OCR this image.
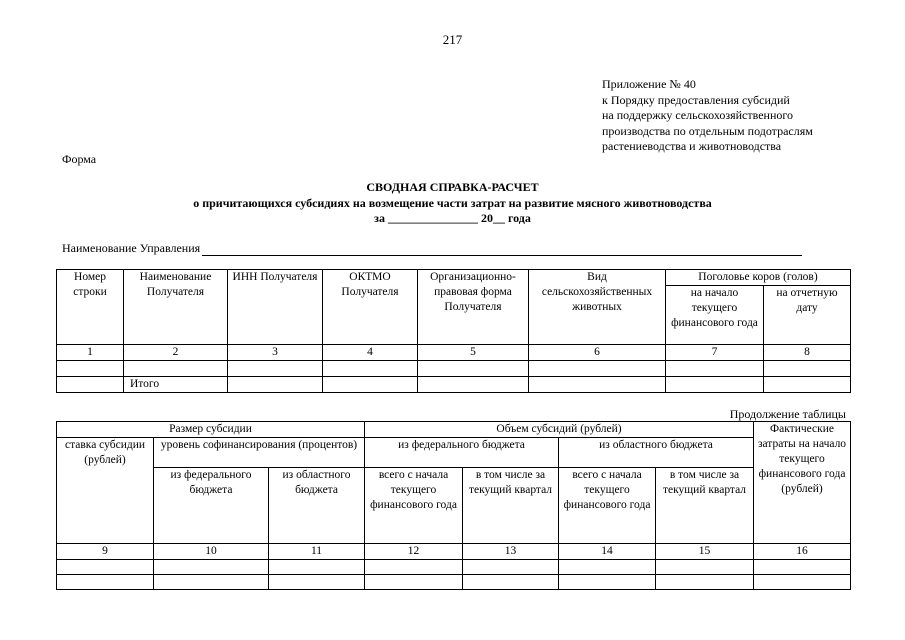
217
Приложение № 40
к Порядку предоставления субсидий
на поддержку сельскохозяйственного
производства по отдельным подотраслям
растениеводства и животноводства
Форма
СВОДНАЯ СПРАВКА-РАСЧЕТ
о причитающихся субсидиях на возмещение части затрат на развитие мясного животноводства
за _______________ 20__ года
Наименование Управления
Номер строки	Наименование Получателя	ИНН Получателя	ОКТМО Получателя	Организационно-правовая форма Получателя	Вид сельскохозяйственных животных	Поголовье коров (голов)	
						на начало текущего финансового года	на отчетную дату
1	2	3	4	5	6	7	8

	Итого						
Продолжение таблицы
Размер субсидии			Объем субсидий (рублей)				Фактические затраты на начало текущего финансового года (рублей)
ставка субсидии (рублей)	уровень софинансирования (процентов)		из федерального бюджета		из областного бюджета		
	из федерального бюджета	из областного бюджета	всего с начала текущего финансового года	в том числе за текущий квартал	всего с начала текущего финансового года	в том числе за текущий квартал	
9	10	11	12	13	14	15	16
